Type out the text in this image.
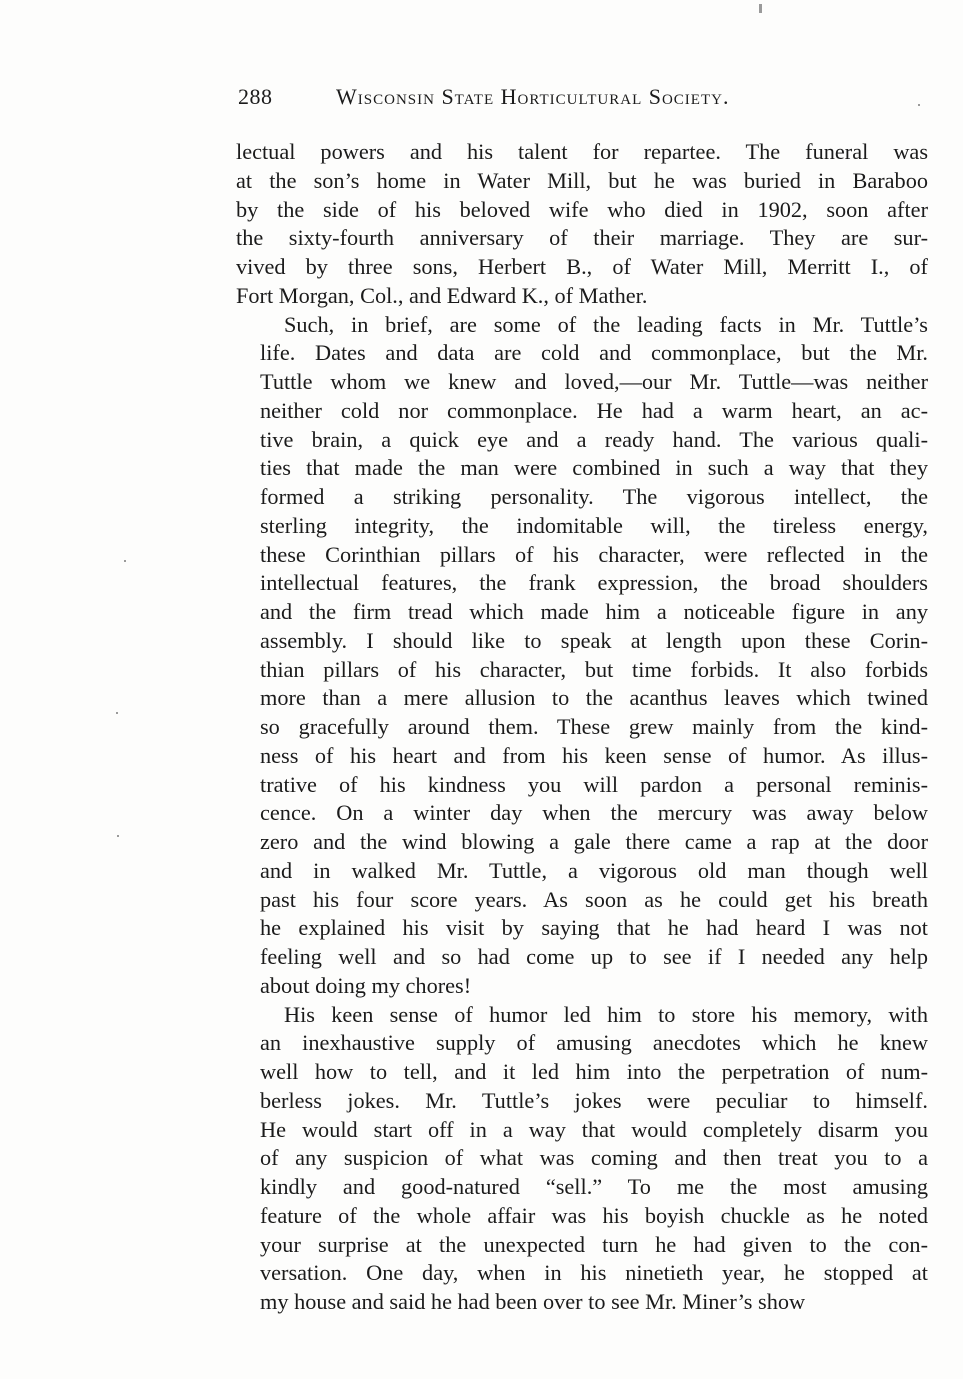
288	Wisconsin State Horticultural Society.

lectual powers and his talent for repartee. The funeral was
at the son’s home in Water Mill, but he was buried in Baraboo
by the side of his beloved wife who died in 1902, soon after
the sixty-fourth anniversary of their marriage. They are sur-
vived by three sons, Herbert B., of Water Mill, Merritt I., of
Fort Morgan, Col., and Edward K., of Mather.

Such, in brief, are some of the leading facts in Mr. Tuttle’s
life. Dates and data are cold and commonplace, but the Mr.
Tuttle whom we knew and loved,—our Mr. Tuttle—was neither
neither cold nor commonplace. He had a warm heart, an ac-
tive brain, a quick eye and a ready hand. The various quali-
ties that made the man were combined in such a way that they
formed a striking personality. The vigorous intellect, the
sterling integrity, the indomitable will, the tireless energy,
these Corinthian pillars of his character, were reflected in the
intellectual features, the frank expression, the broad shoulders
and the firm tread which made him a noticeable figure in any
assembly. I should like to speak at length upon these Corin-
thian pillars of his character, but time forbids. It also forbids
more than a mere allusion to the acanthus leaves which twined
so gracefully around them. These grew mainly from the kind-
ness of his heart and from his keen sense of humor. As illus-
trative of his kindness you will pardon a personal reminis-
cence. On a winter day when the mercury was away below
zero and the wind blowing a gale there came a rap at the door
and in walked Mr. Tuttle, a vigorous old man though well
past his four score years. As soon as he could get his breath
he explained his visit by saying that he had heard I was not
feeling well and so had come up to see if I needed any help
about doing my chores!

His keen sense of humor led him to store his memory, with
an inexhaustive supply of amusing anecdotes which he knew
well how to tell, and it led him into the perpetration of num-
berless jokes. Mr. Tuttle’s jokes were peculiar to himself.
He would start off in a way that would completely disarm you
of any suspicion of what was coming and then treat you to a
kindly and good-natured “sell.” To me the most amusing
feature of the whole affair was his boyish chuckle as he noted
your surprise at the unexpected turn he had given to the con-
versation. One day, when in his ninetieth year, he stopped at
my house and said he had been over to see Mr. Miner’s show
